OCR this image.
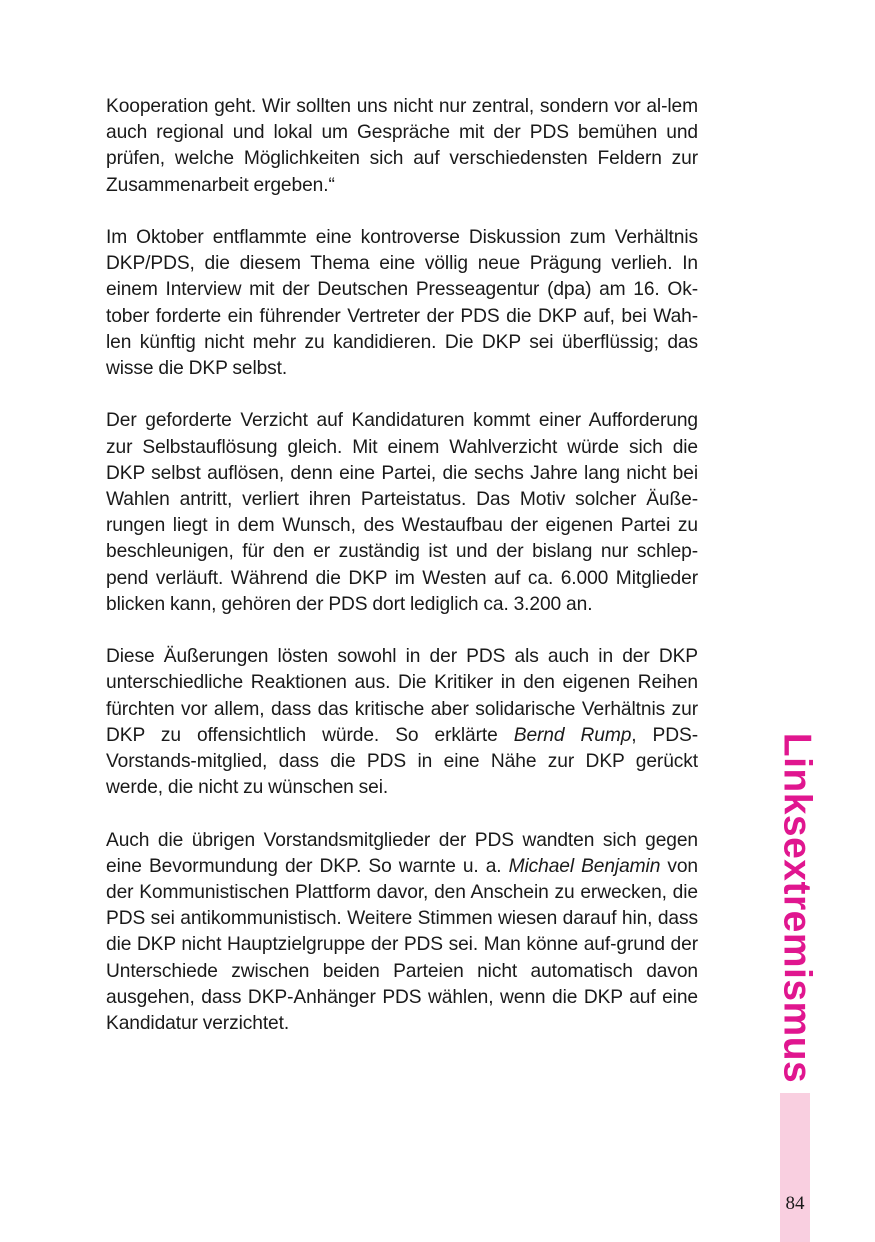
Kooperation geht. Wir sollten uns nicht nur zentral, sondern vor al-lem auch regional und lokal um Gespräche mit der PDS bemühen und prüfen, welche Möglichkeiten sich auf verschiedensten Feldern zur Zusammenarbeit ergeben.“

Im Oktober entflammte eine kontroverse Diskussion zum Verhältnis DKP/PDS, die diesem Thema eine völlig neue Prägung verlieh. In einem Interview mit der Deutschen Presseagentur (dpa) am 16. Ok-tober forderte ein führender Vertreter der PDS die DKP auf, bei Wah-len künftig nicht mehr zu kandidieren. Die DKP sei überflüssig; das wisse die DKP selbst.

Der geforderte Verzicht auf Kandidaturen kommt einer Aufforderung zur Selbstauflösung gleich. Mit einem Wahlverzicht würde sich die DKP selbst auflösen, denn eine Partei, die sechs Jahre lang nicht bei Wahlen antritt, verliert ihren Parteistatus. Das Motiv solcher Äuße-rungen liegt in dem Wunsch, des Westaufbau der eigenen Partei zu beschleunigen, für den er zuständig ist und der bislang nur schlep-pend verläuft. Während die DKP im Westen auf ca. 6.000 Mitglieder blicken kann, gehören der PDS dort lediglich ca. 3.200 an.

Diese Äußerungen lösten sowohl in der PDS als auch in der DKP unterschiedliche Reaktionen aus. Die Kritiker in den eigenen Reihen fürchten vor allem, dass das kritische aber solidarische Verhältnis zur DKP zu offensichtlich würde. So erklärte Bernd Rump, PDS-Vorstands-mitglied, dass die PDS in eine Nähe zur DKP gerückt werde, die nicht zu wünschen sei.

Auch die übrigen Vorstandsmitglieder der PDS wandten sich gegen eine Bevormundung der DKP. So warnte u. a. Michael Benjamin von der Kommunistischen Plattform davor, den Anschein zu erwecken, die PDS sei antikommunistisch. Weitere Stimmen wiesen darauf hin, dass die DKP nicht Hauptzielgruppe der PDS sei. Man könne auf-grund der Unterschiede zwischen beiden Parteien nicht automatisch davon ausgehen, dass DKP-Anhänger PDS wählen, wenn die DKP auf eine Kandidatur verzichtet.	Linksextremismus
84
